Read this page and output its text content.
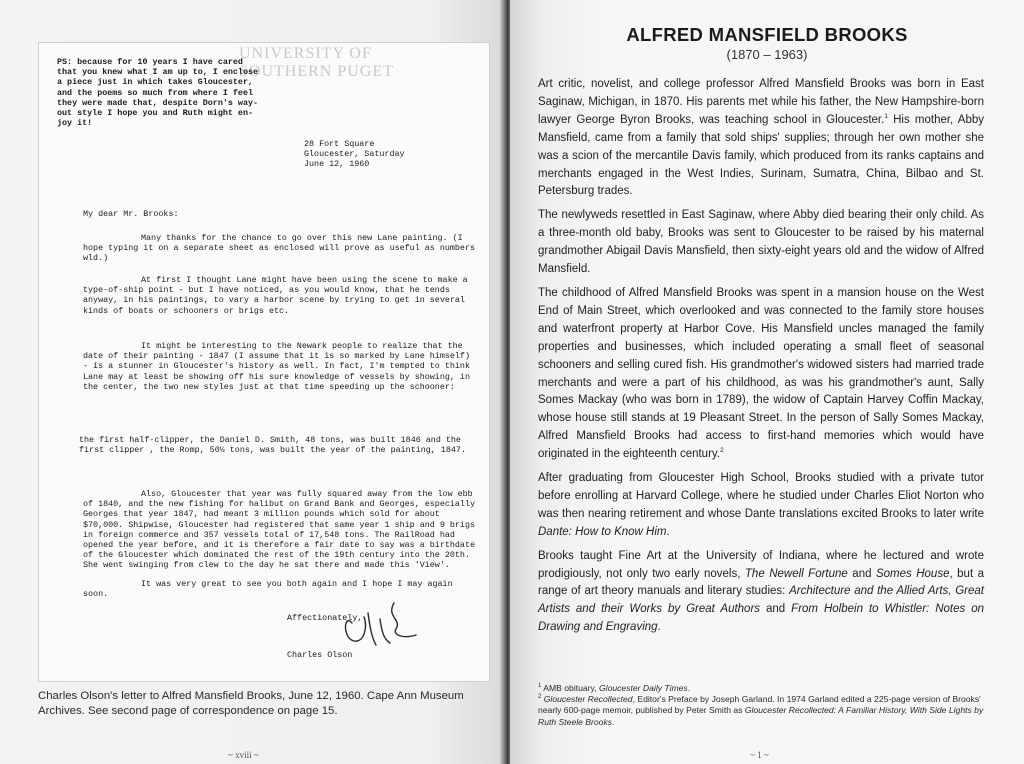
UNIVERSITY OF
SOUTHERN PUGET
PS: because for 10 years I have cared
that you knew what I am up to, I enclose
a piece just in which takes Gloucester,
and the poems so much from where I feel
they were made that, despite Dorn's way-
out style I hope you and Ruth might en-
joy it!
28 Fort Square
Gloucester, Saturday
June 12, 1960
My dear Mr. Brooks:
Many thanks for the chance to go over this new Lane painting. (I hope typing it on a separate sheet as enclosed will prove as useful as numbers wld.)
At first I thought Lane might have been using the scene to make a type-of-ship point - but I have noticed, as you would know, that he tends anyway, in his paintings, to vary a harbor scene by trying to get in several kinds of boats or schooners or brigs etc.
It might be interesting to the Newark people to realize that the date of their painting - 1847 (I assume that it is so marked by Lane himself) - is a stunner in Gloucester's history as well. In fact, I'm tempted to think Lane may at least be showing off his sure knowledge of vessels by showing, in the center, the two new styles just at that time speeding up the schooner:
the first half-clipper, the Daniel D. Smith, 48 tons, was built 1846 and the first clipper , the Romp, 50½ tons, was built the year of the painting, 1847.
Also, Gloucester that year was fully squared away from the low ebb of 1840, and the new fishing for halibut on Grand Bank and Georges, especially Georges that year 1847, had meant 3 million pounds which sold for about $70,000. Shipwise, Gloucester had registered that same year 1 ship and 9 brigs in foreign commerce and 357 vessels total of 17,548 tons. The RailRoad had opened the year before, and it is therefore a fair date to say was a birthdate of the Gloucester which dominated the rest of the 19th century into the 20th. She went swinging from clew to the day he sat there and made this 'View'.
It was very great to see you both again and I hope I may again soon.

Affectionately,

Charles Olson

Charles Olson's letter to Alfred Mansfield Brooks, June 12, 1960. Cape Ann Museum Archives. See second page of correspondence on page 15.
~ xviii ~
ALFRED MANSFIELD BROOKS
(1870 – 1963)

Art critic, novelist, and college professor Alfred Mansfield Brooks was born in East Saginaw, Michigan, in 1870. His parents met while his father, the New Hampshire-born lawyer George Byron Brooks, was teaching school in Gloucester.$^1$ His mother, Abby Mansfield, came from a family that sold ships' supplies; through her own mother she was a scion of the mercantile Davis family, which produced from its ranks captains and merchants engaged in the West Indies, Surinam, Sumatra, China, Bilbao and St. Petersburg trades.

The newlyweds resettled in East Saginaw, where Abby died bearing their only child. As a three-month old baby, Brooks was sent to Gloucester to be raised by his maternal grandmother Abigail Davis Mansfield, then sixty-eight years old and the widow of Alfred Mansfield.

The childhood of Alfred Mansfield Brooks was spent in a mansion house on the West End of Main Street, which overlooked and was connected to the family store houses and waterfront property at Harbor Cove. His Mansfield uncles managed the family properties and businesses, which included operating a small fleet of seasonal schooners and selling cured fish. His grandmother's widowed sisters had married trade merchants and were a part of his childhood, as was his grandmother's aunt, Sally Somes Mackay (who was born in 1789), the widow of Captain Harvey Coffin Mackay, whose house still stands at 19 Pleasant Street. In the person of Sally Somes Mackay, Alfred Mansfield Brooks had access to first-hand memories which would have originated in the eighteenth century.$^2$

After graduating from Gloucester High School, Brooks studied with a private tutor before enrolling at Harvard College, where he studied under Charles Eliot Norton who was then nearing retirement and whose Dante translations excited Brooks to later write Dante: How to Know Him.

Brooks taught Fine Art at the University of Indiana, where he lectured and wrote prodigiously, not only two early novels, The Newell Fortune and Somes House, but a range of art theory manuals and literary studies: Architecture and the Allied Arts, Great Artists and their Works by Great Authors and From Holbein to Whistler: Notes on Drawing and Engraving.

$^1$ AMB obituary, Gloucester Daily Times.
$^2$ Gloucester Recollected, Editor's Preface by Joseph Garland. In 1974 Garland edited a 225-page version of Brooks' nearly 600-page memoir, published by Peter Smith as Gloucester Recollected: A Familiar History, With Side Lights by Ruth Steele Brooks.
~ 1 ~
